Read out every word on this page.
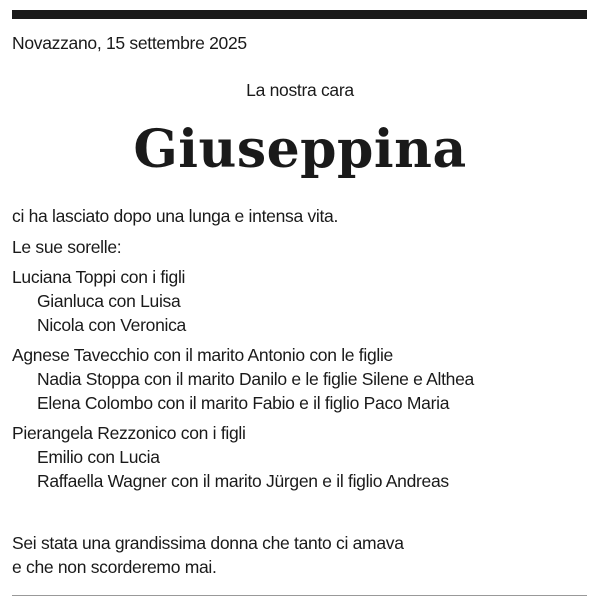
Novazzano, 15 settembre 2025
La nostra cara
Giuseppina
ci ha lasciato dopo una lunga e intensa vita.
Le sue sorelle:
Luciana Toppi con i figli
Gianluca con Luisa
Nicola con Veronica
Agnese Tavecchio con il marito Antonio con le figlie
Nadia Stoppa con il marito Danilo e le figlie Silene e Althea
Elena Colombo con il marito Fabio e il figlio Paco Maria
Pierangela Rezzonico con i figli
Emilio con Lucia
Raffaella Wagner con il marito Jürgen e il figlio Andreas
Sei stata una grandissima donna che tanto ci amava
e che non scorderemo mai.
